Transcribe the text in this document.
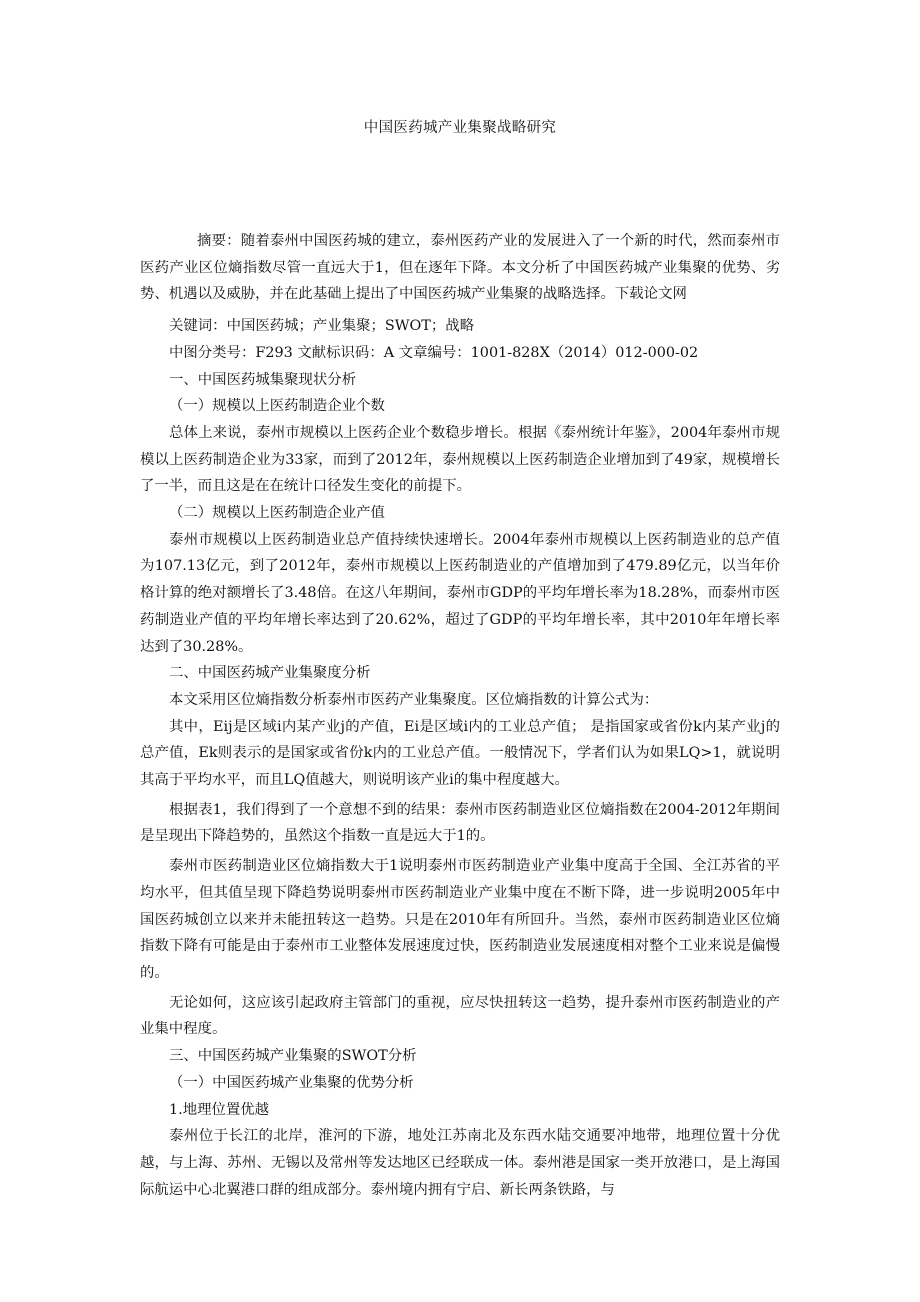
中国医药城产业集聚战略研究

摘要：随着泰州中国医药城的建立，泰州医药产业的发展进入了一个新的时代，然而泰州市医药产业区位熵指数尽管一直远大于1，但在逐年下降。本文分析了中国医药城产业集聚的优势、劣势、机遇以及威胁，并在此基础上提出了中国医药城产业集聚的战略选择。下载论文网

关键词：中国医药城；产业集聚；SWOT；战略

中图分类号：F293 文献标识码：A 文章编号：1001-828X（2014）012-000-02

一、中国医药城集聚现状分析

（一）规模以上医药制造企业个数

总体上来说，泰州市规模以上医药企业个数稳步增长。根据《泰州统计年鉴》，2004年泰州市规模以上医药制造企业为33家，而到了2012年，泰州规模以上医药制造企业增加到了49家，规模增长了一半，而且这是在在统计口径发生变化的前提下。

（二）规模以上医药制造企业产值

泰州市规模以上医药制造业总产值持续快速增长。2004年泰州市规模以上医药制造业的总产值为107.13亿元，到了2012年，泰州市规模以上医药制造业的产值增加到了479.89亿元，以当年价格计算的绝对额增长了3.48倍。在这八年期间，泰州市GDP的平均年增长率为18.28%，而泰州市医药制造业产值的平均年增长率达到了20.62%，超过了GDP的平均年增长率，其中2010年年增长率达到了30.28%。

二、中国医药城产业集聚度分析

本文采用区位熵指数分析泰州市医药产业集聚度。区位熵指数的计算公式为：

其中，Eij是区域i内某产业j的产值，Ei是区域i内的工业总产值； 是指国家或省份k内某产业j的总产值，Ek则表示的是国家或省份k内的工业总产值。一般情况下，学者们认为如果LQ>1，就说明其高于平均水平，而且LQ值越大，则说明该产业i的集中程度越大。

根据表1，我们得到了一个意想不到的结果：泰州市医药制造业区位熵指数在2004-2012年期间是呈现出下降趋势的，虽然这个指数一直是远大于1的。

泰州市医药制造业区位熵指数大于1说明泰州市医药制造业产业集中度高于全国、全江苏省的平均水平，但其值呈现下降趋势说明泰州市医药制造业产业集中度在不断下降，进一步说明2005年中国医药城创立以来并未能扭转这一趋势。只是在2010年有所回升。当然，泰州市医药制造业区位熵指数下降有可能是由于泰州市工业整体发展速度过快，医药制造业发展速度相对整个工业来说是偏慢的。

无论如何，这应该引起政府主管部门的重视，应尽快扭转这一趋势，提升泰州市医药制造业的产业集中程度。

三、中国医药城产业集聚的SWOT分析

（一）中国医药城产业集聚的优势分析

1.地理位置优越

泰州位于长江的北岸，淮河的下游，地处江苏南北及东西水陆交通要冲地带，地理位置十分优越，与上海、苏州、无锡以及常州等发达地区已经联成一体。泰州港是国家一类开放港口，是上海国际航运中心北翼港口群的组成部分。泰州境内拥有宁启、新长两条铁路，与
